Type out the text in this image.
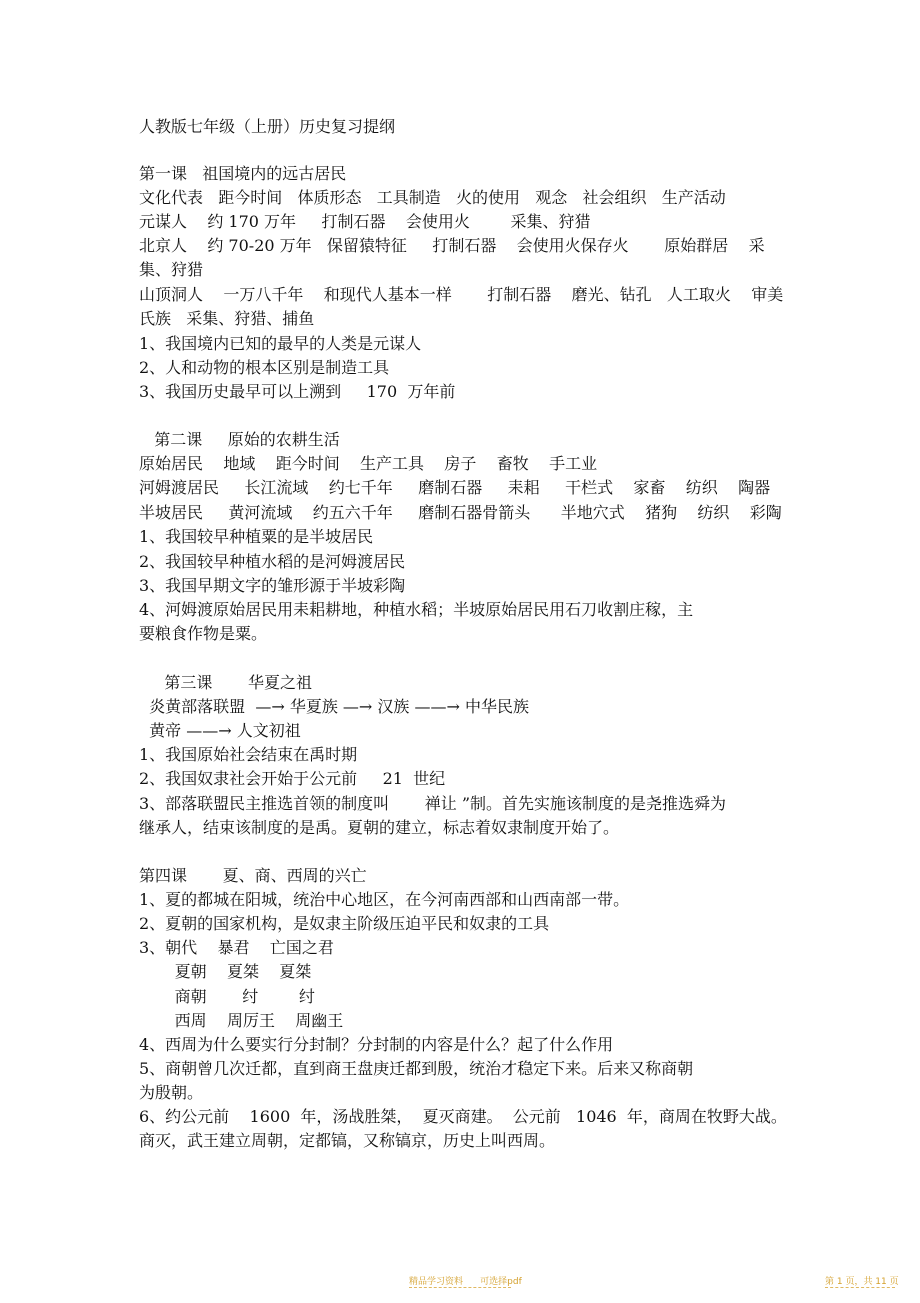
人教版七年级（上册）历史复习提纲
第一课   祖国境内的远古居民
文化代表   距今时间   体质形态   工具制造   火的使用   观念   社会组织   生产活动
元谋人    约 170 万年     打制石器    会使用火        采集、狩猎
北京人    约 70-20 万年   保留猿特征     打制石器    会使用火保存火       原始群居    采
集、狩猎
山顶洞人    一万八千年    和现代人基本一样       打制石器    磨光、钻孔   人工取火    审美
氏族   采集、狩猎、捕鱼
1、我国境内已知的最早的人类是元谋人
2、人和动物的根本区别是制造工具
3、我国历史最早可以上溯到     170  万年前
第二课     原始的农耕生活
原始居民    地域    距今时间    生产工具    房子    畜牧    手工业
河姆渡居民     长江流域    约七千年     磨制石器     耒耜     干栏式    家畜    纺织    陶器
半坡居民     黄河流域    约五六千年     磨制石器骨箭头      半地穴式    猪狗    纺织    彩陶
1、我国较早种植粟的是半坡居民
2、我国较早种植水稻的是河姆渡居民
3、我国早期文字的雏形源于半坡彩陶
4、河姆渡原始居民用耒耜耕地，种植水稻；半坡原始居民用石刀收割庄稼，主
要粮食作物是粟。
第三课       华夏之祖
炎黄部落联盟  —→ 华夏族 —→ 汉族 ——→ 中华民族
黄帝 ——→ 人文初祖
1、我国原始社会结束在禹时期
2、我国奴隶社会开始于公元前     21  世纪
3、部落联盟民主推选首领的制度叫       禅让 ”制。首先实施该制度的是尧推选舜为
继承人，结束该制度的是禹。夏朝的建立，标志着奴隶制度开始了。
第四课       夏、商、西周的兴亡
1、夏的都城在阳城，统治中心地区，在今河南西部和山西南部一带。
2、夏朝的国家机构，是奴隶主阶级压迫平民和奴隶的工具
3、朝代    暴君    亡国之君
夏朝    夏桀    夏桀
商朝       纣        纣
西周    周厉王    周幽王
4、西周为什么要实行分封制？分封制的内容是什么？起了什么作用
5、商朝曾几次迁都，直到商王盘庚迁都到殷，统治才稳定下来。后来又称商朝
为殷朝。
6、约公元前    1600  年，汤战胜桀，  夏灭商建。  公元前   1046  年，商周在牧野大战。
商灭，武王建立周朝，定都镐，又称镐京，历史上叫西周。
精品学习资料      可选择pdf	第 1 页，共 11 页
